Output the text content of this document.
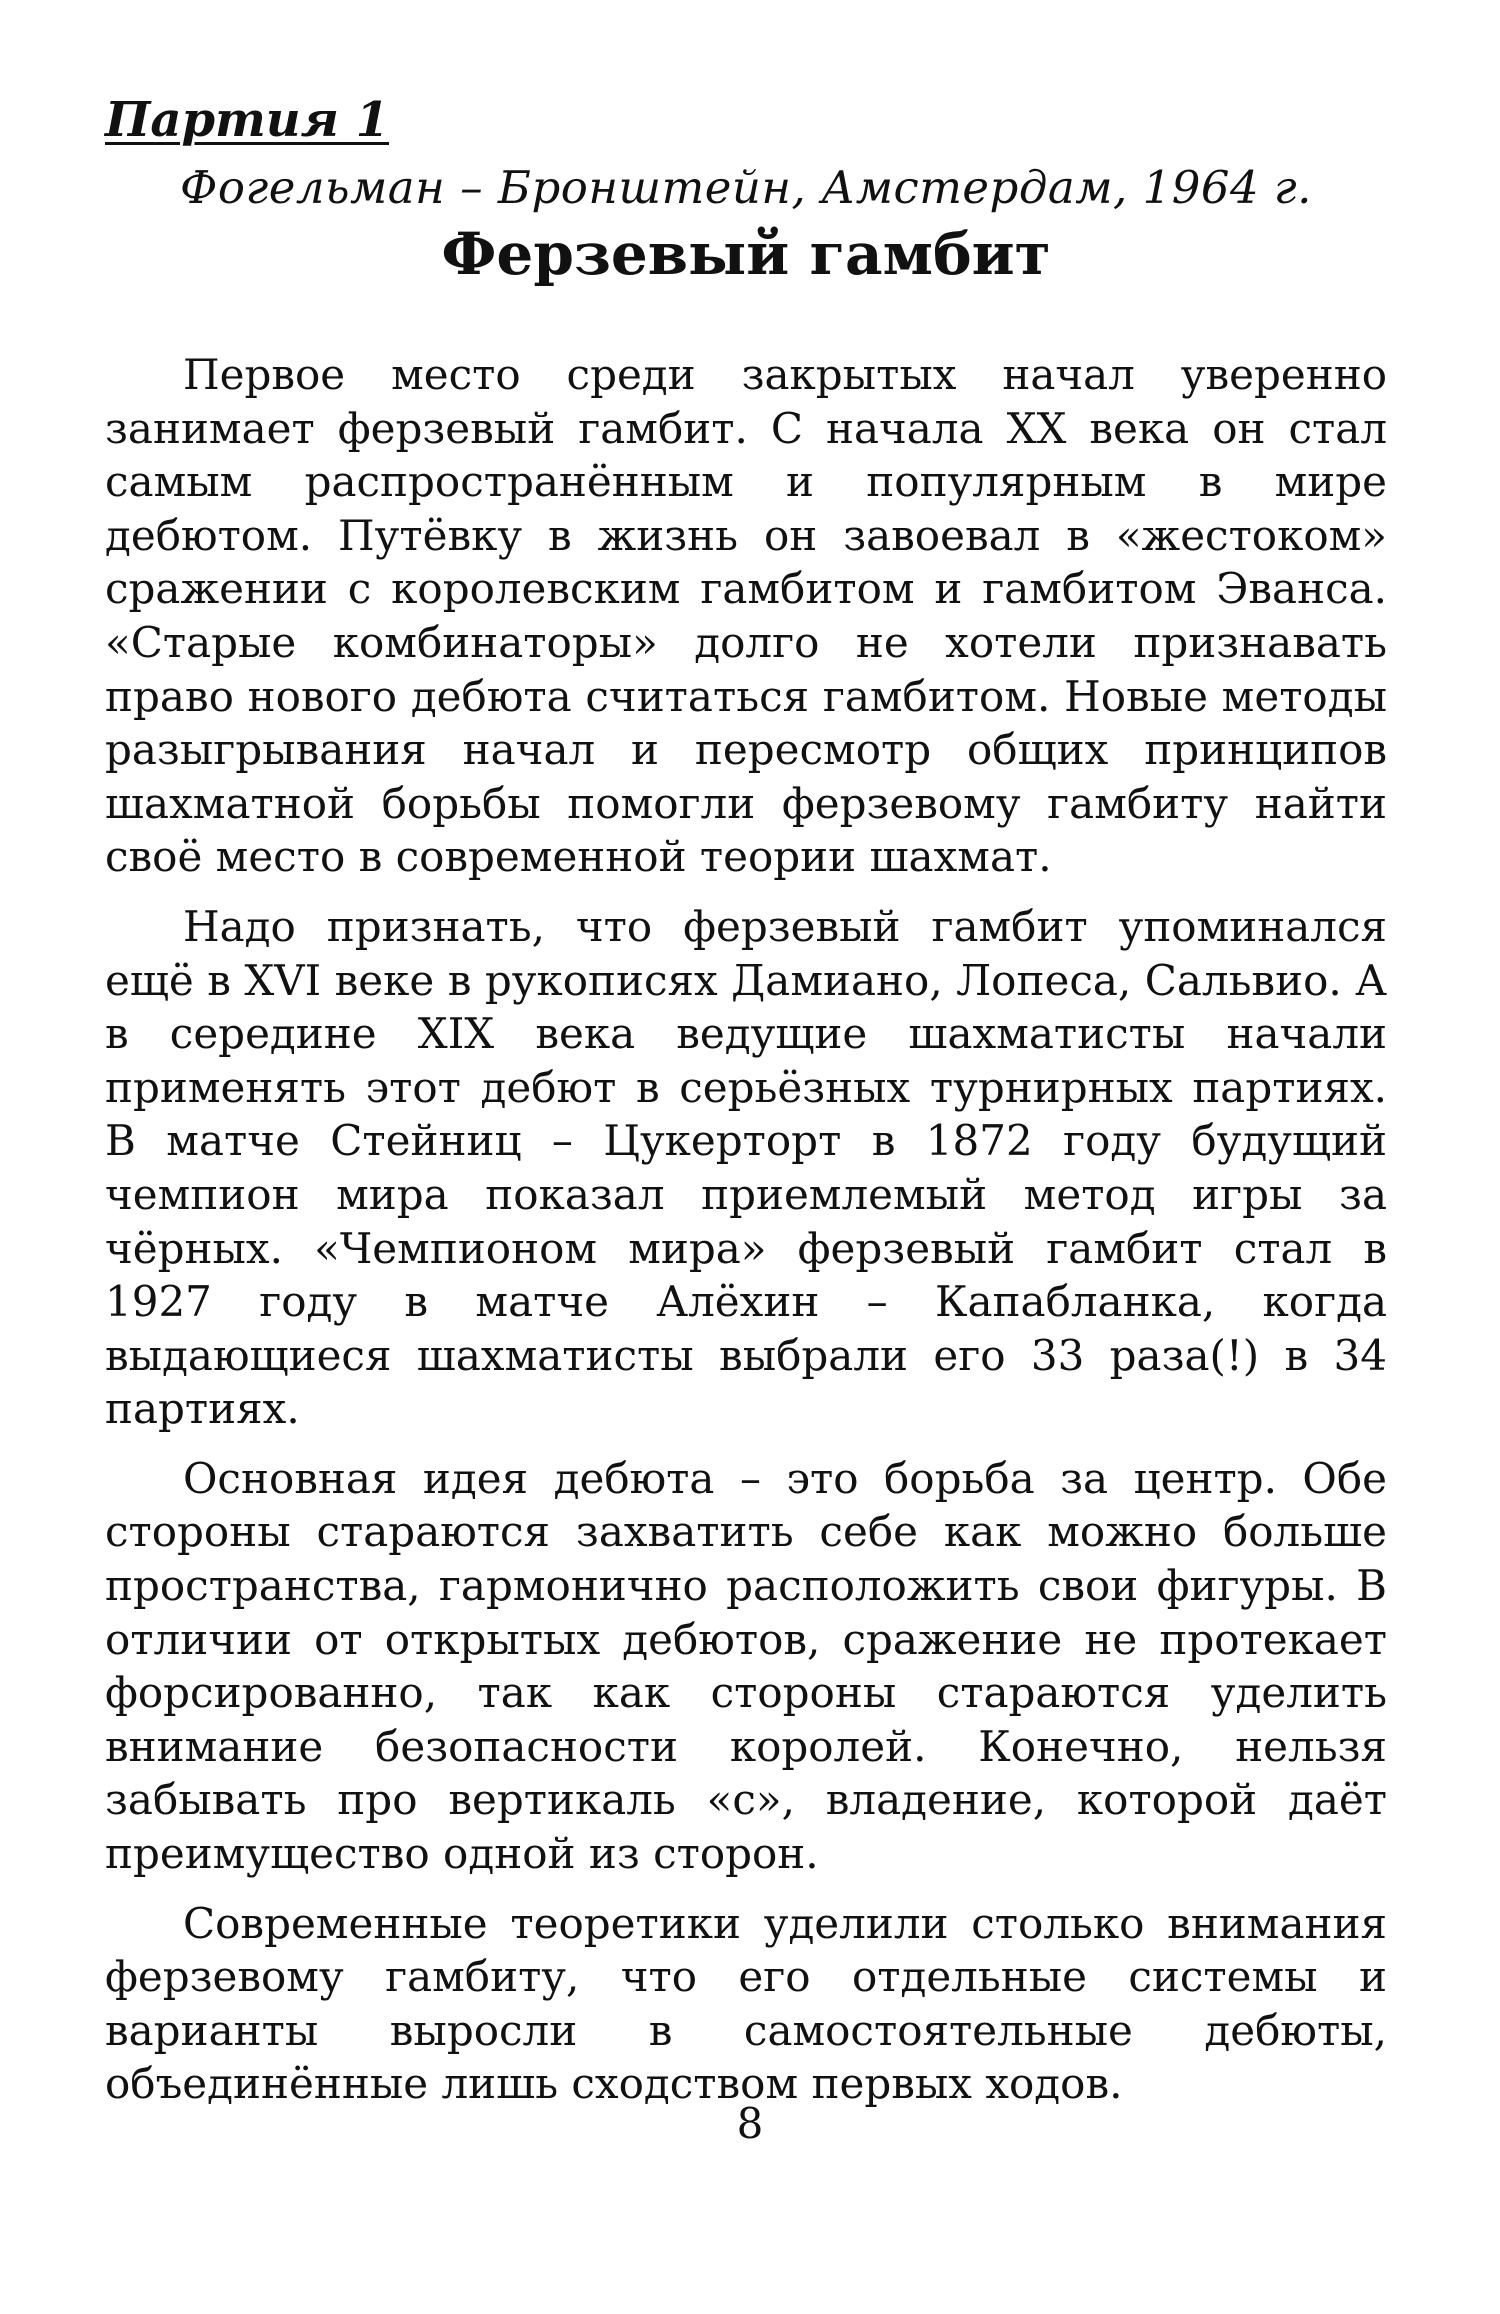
Партия 1

Фогельман – Бронштейн, Амстердам, 1964 г.

Ферзевый гамбит

Первое место среди закрытых начал уверенно занимает ферзевый гамбит. С начала XX века он стал самым распространённым и популярным в мире дебютом. Путёвку в жизнь он завоевал в «жестоком» сражении с королевским гамбитом и гамбитом Эванса. «Старые комбинаторы» долго не хотели признавать право нового дебюта считаться гамбитом. Новые методы разыгрывания начал и пересмотр общих принципов шахматной борьбы помогли ферзевому гамбиту найти своё место в современной теории шахмат.

Надо признать, что ферзевый гамбит упоминался ещё в XVI веке в рукописях Дамиано, Лопеса, Сальвио. А в середине XIX века ведущие шахматисты начали применять этот дебют в серьёзных турнирных партиях. В матче Стейниц – Цукерторт в 1872 году будущий чемпион мира показал приемлемый метод игры за чёрных. «Чемпионом мира» ферзевый гамбит стал в 1927 году в матче Алёхин – Капабланка, когда выдающиеся шахматисты выбрали его 33 раза(!) в 34 партиях.

Основная идея дебюта – это борьба за центр. Обе стороны стараются захватить себе как можно больше пространства, гармонично расположить свои фигуры. В отличии от открытых дебютов, сражение не протекает форсированно, так как стороны стараются уделить внимание безопасности королей. Конечно, нельзя забывать про вертикаль «с», владение, которой даёт преимущество одной из сторон.

Современные теоретики уделили столько внимания ферзевому гамбиту, что его отдельные системы и варианты выросли в самостоятельные дебюты, объединённые лишь сходством первых ходов.

8
